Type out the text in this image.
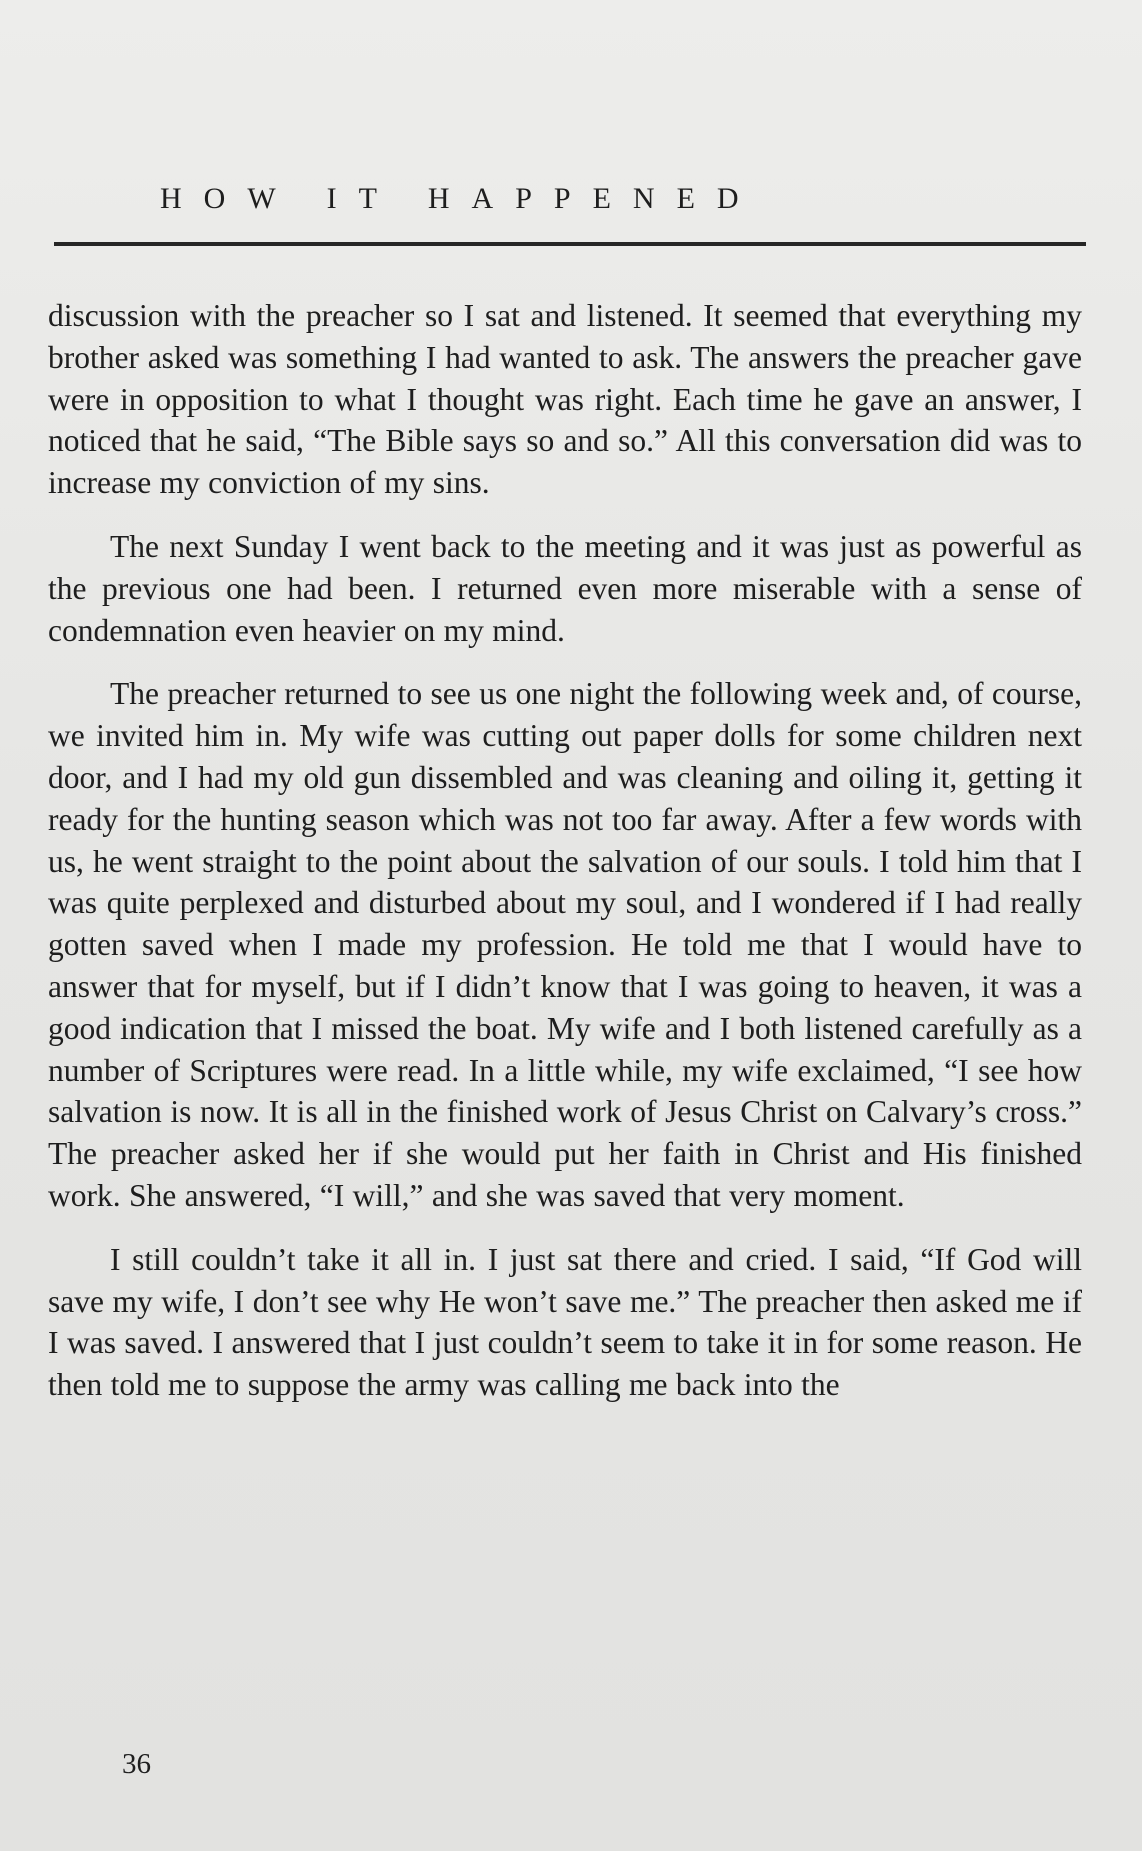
HOW IT HAPPENED

discussion with the preacher so I sat and listened. It seemed that everything my brother asked was something I had wanted to ask. The answers the preacher gave were in opposition to what I thought was right. Each time he gave an answer, I noticed that he said, “The Bible says so and so.” All this conversation did was to increase my conviction of my sins.

The next Sunday I went back to the meeting and it was just as powerful as the previous one had been. I returned even more miserable with a sense of condemnation even heavier on my mind.

The preacher returned to see us one night the following week and, of course, we invited him in. My wife was cutting out paper dolls for some children next door, and I had my old gun dissembled and was cleaning and oiling it, getting it ready for the hunting season which was not too far away. After a few words with us, he went straight to the point about the salvation of our souls. I told him that I was quite perplexed and disturbed about my soul, and I wondered if I had really gotten saved when I made my profession. He told me that I would have to answer that for myself, but if I didn’t know that I was going to heaven, it was a good indication that I missed the boat. My wife and I both listened carefully as a number of Scriptures were read. In a little while, my wife exclaimed, “I see how salvation is now. It is all in the finished work of Jesus Christ on Calvary’s cross.” The preacher asked her if she would put her faith in Christ and His finished work. She answered, “I will,” and she was saved that very moment.

I still couldn’t take it all in. I just sat there and cried. I said, “If God will save my wife, I don’t see why He won’t save me.” The preacher then asked me if I was saved. I answered that I just couldn’t seem to take it in for some reason. He then told me to suppose the army was calling me back into the

36
